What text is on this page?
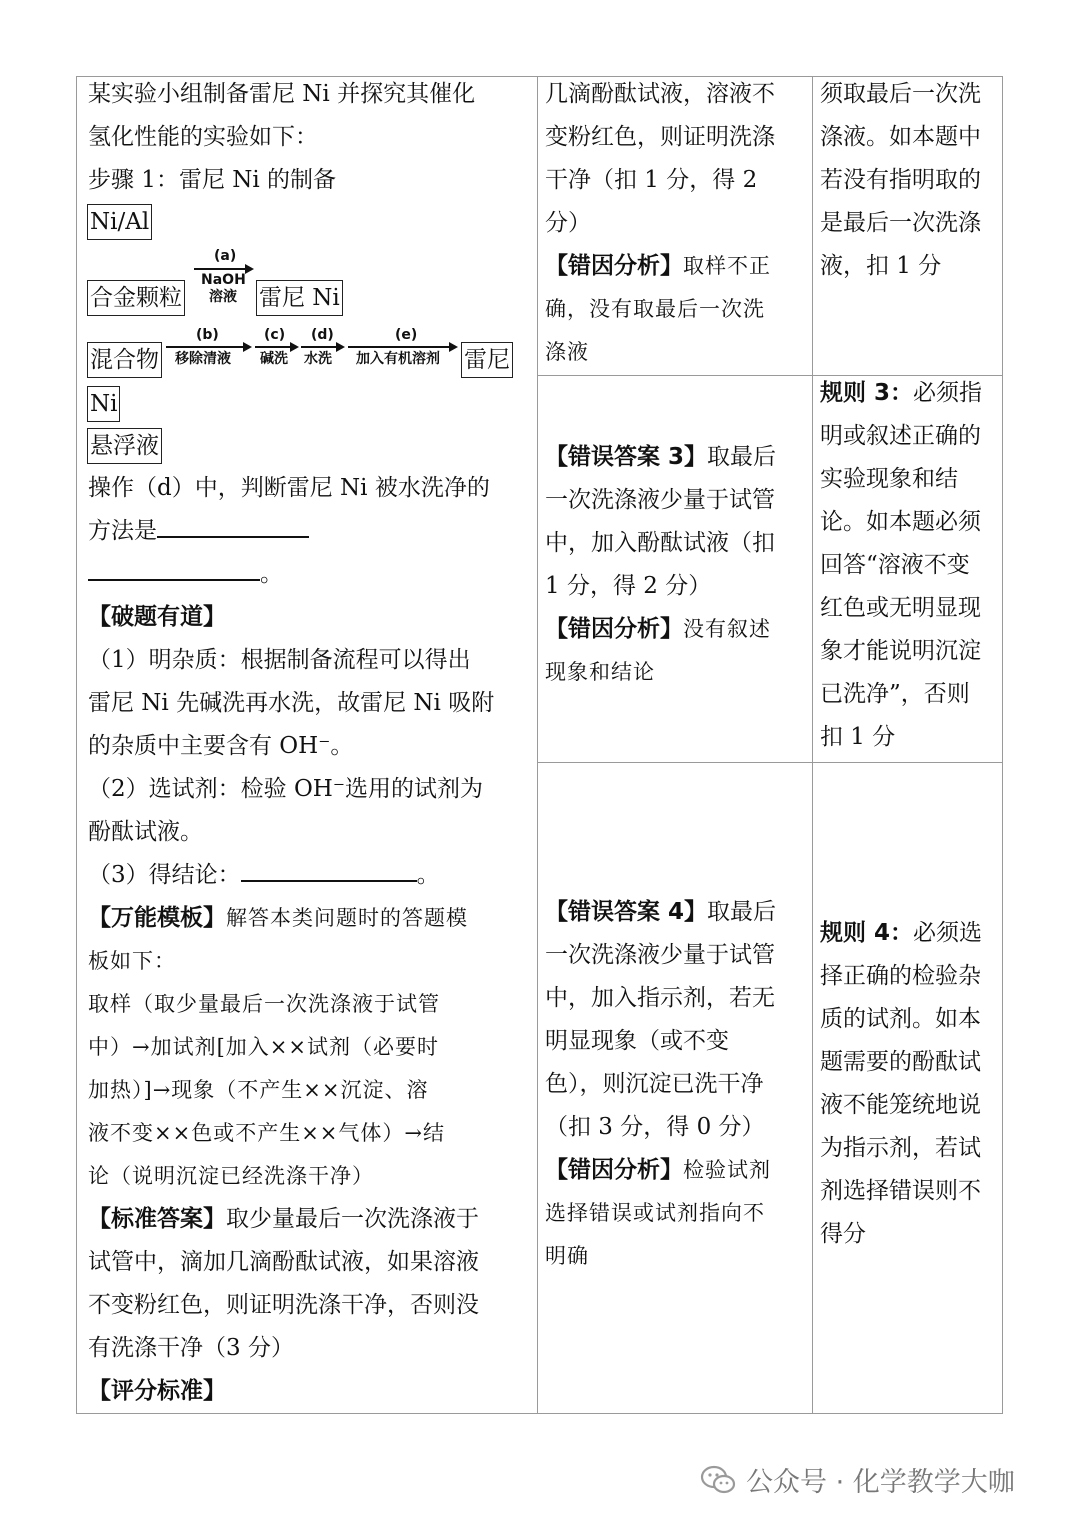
某实验小组制备雷尼 Ni 并探究其催化

氢化性能的实验如下：

步骤 1：雷尼 Ni 的制备

Ni/Al
合金颗粒
(a)
NaOH
溶液 雷尼 Ni
混合物
(b)
移除清液
(c)
碱洗
(d)
水洗
(e)
加入有机溶剂 雷尼
Ni
悬浮液

操作（d）中，判断雷尼 Ni 被水洗净的

方法是

。

【破题有道】

（1）明杂质：根据制备流程可以得出

雷尼 Ni 先碱洗再水洗，故雷尼 Ni 吸附

的杂质中主要含有 OH⁻。

（2）选试剂：检验 OH⁻选用的试剂为

酚酞试液。

（3）得结论：	。

【万能模板】解答本类问题时的答题模

板如下：

取样（取少量最后一次洗涤液于试管

中）→加试剂[加入××试剂（必要时

加热）]→现象（不产生××沉淀、溶

液不变××色或不产生××气体）→结

论（说明沉淀已经洗涤干净）

【标准答案】取少量最后一次洗涤液于

试管中，滴加几滴酚酞试液，如果溶液

不变粉红色，则证明洗涤干净，否则没

有洗涤干净（3 分）

【评分标准】

几滴酚酞试液，溶液不

变粉红色，则证明洗涤

干净（扣 1 分，得 2

分）

【错因分析】取样不正

确，没有取最后一次洗

涤液

【错误答案 3】取最后

一次洗涤液少量于试管

中，加入酚酞试液（扣

1 分，得 2 分）

【错因分析】没有叙述

现象和结论

【错误答案 4】取最后

一次洗涤液少量于试管

中，加入指示剂，若无

明显现象（或不变

色），则沉淀已洗干净

（扣 3 分，得 0 分）

【错因分析】检验试剂

选择错误或试剂指向不

明确

须取最后一次洗

涤液。如本题中

若没有指明取的

是最后一次洗涤

液，扣 1 分

规则 3：必须指

明或叙述正确的

实验现象和结

论。如本题必须

回答“溶液不变

红色或无明显现

象才能说明沉淀

已洗净”，否则

扣 1 分

规则 4：必须选

择正确的检验杂

质的试剂。如本

题需要的酚酞试

液不能笼统地说

为指示剂，若试

剂选择错误则不

得分

公众号 · 化学教学大咖
